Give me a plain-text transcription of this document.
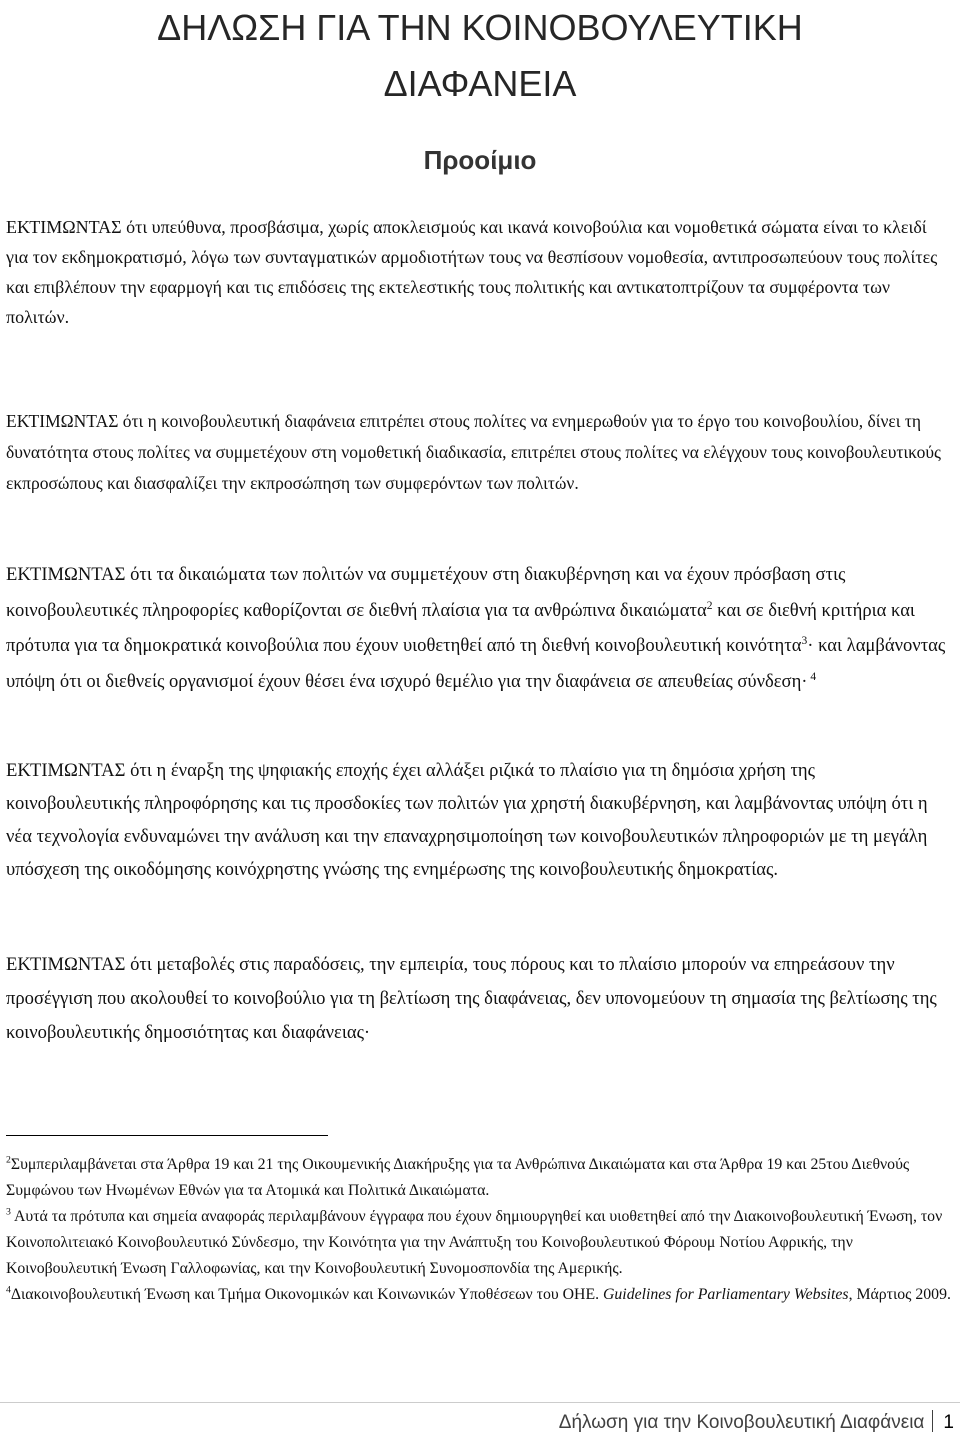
ΔΗΛΩΣΗ ΓΙΑ ΤΗΝ ΚΟΙΝΟΒΟΥΛΕΥΤΙΚΗ
ΔΙΑΦΑΝΕΙΑ
Προοίμιο

ΕΚΤΙΜΩΝΤΑΣ ότι υπεύθυνα, προσβάσιμα, χωρίς αποκλεισμούς και ικανά κοινοβούλια και νομοθετικά σώματα είναι το κλειδί για τον εκδημοκρατισμό, λόγω των συνταγματικών αρμοδιοτήτων τους να θεσπίσουν νομοθεσία, αντιπροσωπεύουν τους πολίτες και επιβλέπουν την εφαρμογή και τις επιδόσεις της εκτελεστικής τους πολιτικής και αντικατοπτρίζουν τα συμφέροντα των πολιτών.

ΕΚΤΙΜΩΝΤΑΣ ότι η κοινοβουλευτική διαφάνεια επιτρέπει στους πολίτες να ενημερωθούν για το έργο του κοινοβουλίου, δίνει τη δυνατότητα στους πολίτες να συμμετέχουν στη νομοθετική διαδικασία, επιτρέπει στους πολίτες να ελέγχουν τους κοινοβουλευτικούς εκπροσώπους και διασφαλίζει την εκπροσώπηση των συμφερόντων των πολιτών.

ΕΚΤΙΜΩΝΤΑΣ ότι τα δικαιώματα των πολιτών να συμμετέχουν στη διακυβέρνηση και να έχουν πρόσβαση στις κοινοβουλευτικές πληροφορίες καθορίζονται σε διεθνή πλαίσια για τα ανθρώπινα δικαιώματα$^2$ και σε διεθνή κριτήρια και πρότυπα για τα δημοκρατικά κοινοβούλια που έχουν υιοθετηθεί από τη διεθνή κοινοβουλευτική κοινότητα$^3$· και λαμβάνοντας υπόψη ότι οι διεθνείς οργανισμοί έχουν θέσει ένα ισχυρό θεμέλιο για την διαφάνεια σε απευθείας σύνδεση· $^4$

ΕΚΤΙΜΩΝΤΑΣ ότι η έναρξη της ψηφιακής εποχής έχει αλλάξει ριζικά το πλαίσιο για τη δημόσια χρήση της κοινοβουλευτικής πληροφόρησης και τις προσδοκίες των πολιτών για χρηστή διακυβέρνηση, και λαμβάνοντας υπόψη ότι η νέα τεχνολογία ενδυναμώνει την ανάλυση και την επαναχρησιμοποίηση των κοινοβουλευτικών πληροφοριών με τη μεγάλη υπόσχεση της οικοδόμησης κοινόχρηστης γνώσης της ενημέρωσης της κοινοβουλευτικής δημοκρατίας.

ΕΚΤΙΜΩΝΤΑΣ ότι μεταβολές στις παραδόσεις, την εμπειρία, τους πόρους και το πλαίσιο μπορούν να επηρεάσουν την προσέγγιση που ακολουθεί το κοινοβούλιο για τη βελτίωση της διαφάνειας, δεν υπονομεύουν τη σημασία της βελτίωσης της κοινοβουλευτικής δημοσιότητας και διαφάνειας·

$^2$Συμπεριλαμβάνεται στα Άρθρα 19 και 21 της Οικουμενικής Διακήρυξης για τα Ανθρώπινα Δικαιώματα και στα Άρθρα 19 και 25του Διεθνούς Συμφώνου των Ηνωμένων Εθνών για τα Ατομικά και Πολιτικά Δικαιώματα.

$^3$ Αυτά τα πρότυπα και σημεία αναφοράς περιλαμβάνουν έγγραφα που έχουν δημιουργηθεί και υιοθετηθεί από την Διακοινοβουλευτική Ένωση, τον Κοινοπολιτειακό Κοινοβουλευτικό Σύνδεσμο, την Κοινότητα για την Ανάπτυξη του Κοινοβουλευτικού Φόρουμ Νοτίου Αφρικής, την Κοινοβουλευτική Ένωση Γαλλοφωνίας, και την Κοινοβουλευτική Συνομοσπονδία της Αμερικής.

$^4$Διακοινοβουλευτική Ένωση και Τμήμα Οικονομικών και Κοινωνικών Υποθέσεων του ΟΗΕ. Guidelines for Parliamentary Websites, Μάρτιος 2009.

Δήλωση για την Κοινοβουλευτική Διαφάνεια 1
